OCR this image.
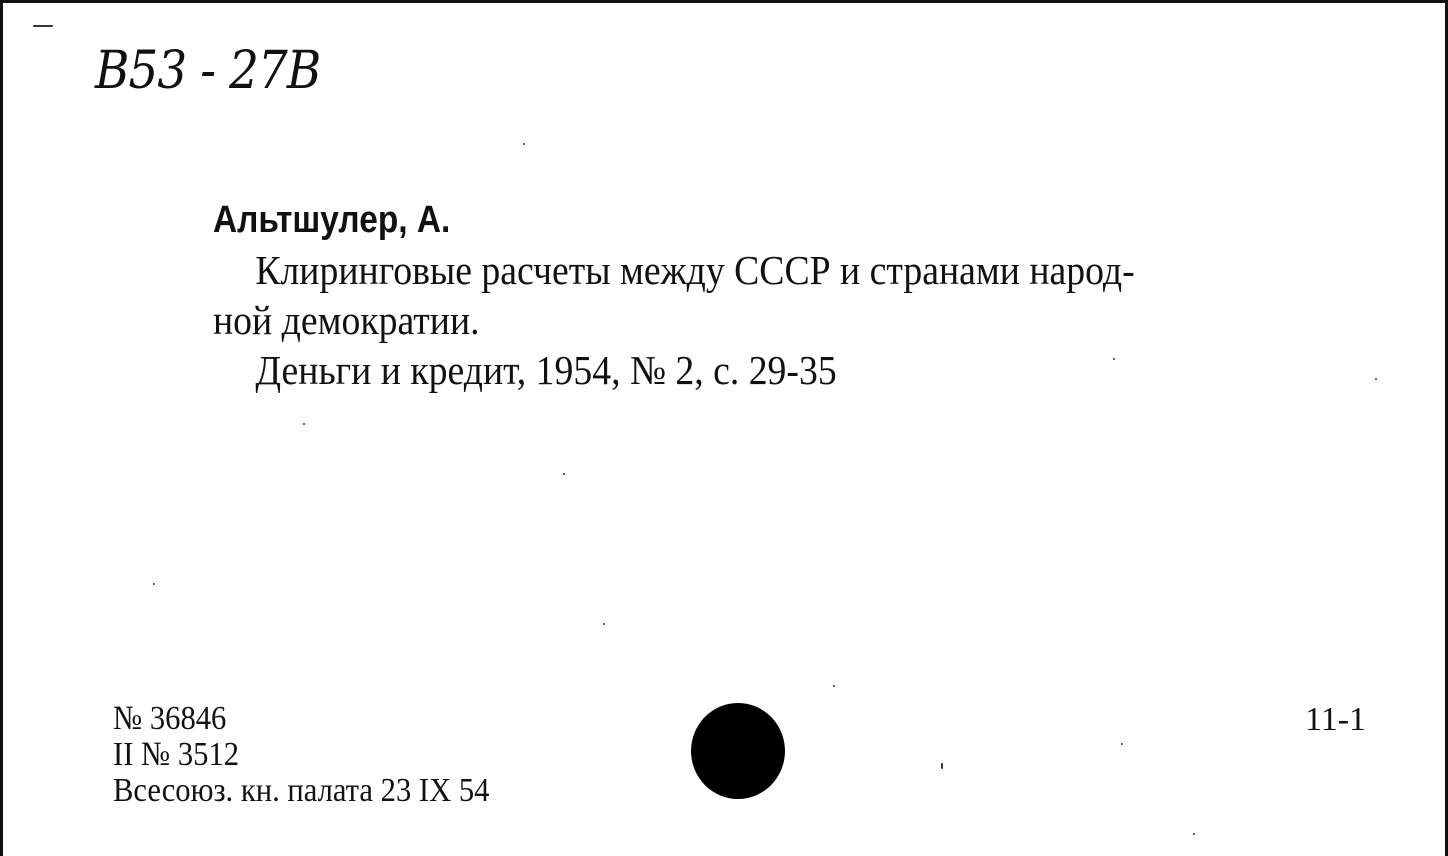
B53 - 27B
Альтшулер, А.
Клиринговые расчеты между СССР и странами народ-
ной демократии.
Деньги и кредит, 1954, № 2, с. 29-35
№ 36846
II № 3512
Всесоюз. кн. палата 23 IX 54
11-1
